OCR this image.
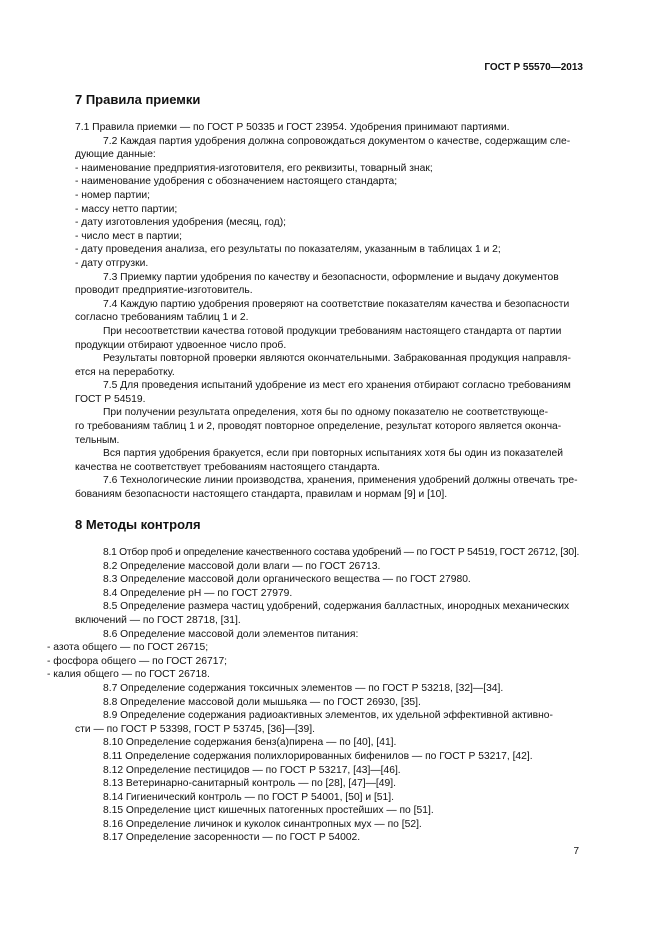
ГОСТ Р 55570—2013
7 Правила приемки
7.1 Правила приемки — по ГОСТ Р 50335 и ГОСТ 23954. Удобрения принимают партиями.
7.2 Каждая партия удобрения должна сопровождаться документом о качестве, содержащим сле-
дующие данные:
- наименование предприятия-изготовителя, его реквизиты, товарный знак;
- наименование удобрения с обозначением настоящего стандарта;
- номер партии;
- массу нетто партии;
- дату изготовления удобрения (месяц, год);
- число мест в партии;
- дату проведения анализа, его результаты по показателям, указанным в таблицах 1 и 2;
- дату отгрузки.
7.3 Приемку партии удобрения по качеству и безопасности, оформление и выдачу документов
проводит предприятие-изготовитель.
7.4 Каждую партию удобрения проверяют на соответствие показателям качества и безопасности
согласно требованиям таблиц 1 и 2.
При несоответствии качества готовой продукции требованиям настоящего стандарта от партии
продукции отбирают удвоенное число проб.
Результаты повторной проверки являются окончательными. Забракованная продукция направля-
ется на переработку.
7.5 Для проведения испытаний удобрение из мест его хранения отбирают согласно требованиям
ГОСТ Р 54519.
При получении результата определения, хотя бы по одному показателю не соответствующе-
го требованиям таблиц 1 и 2, проводят повторное определение, результат которого является оконча-
тельным.
Вся партия удобрения бракуется, если при повторных испытаниях хотя бы один из показателей
качества не соответствует требованиям настоящего стандарта.
7.6 Технологические линии производства, хранения, применения удобрений должны отвечать тре-
бованиям безопасности настоящего стандарта, правилам и нормам [9] и [10].
8 Методы контроля
8.1 Отбор проб и определение качественного состава удобрений — по ГОСТ Р 54519, ГОСТ 26712, [30].
8.2 Определение массовой доли влаги — по ГОСТ 26713.
8.3 Определение массовой доли органического вещества — по ГОСТ 27980.
8.4 Определение рН — по ГОСТ 27979.
8.5 Определение размера частиц удобрений, содержания балластных, инородных механических
включений — по ГОСТ 28718, [31].
8.6 Определение массовой доли элементов питания:
- азота общего — по ГОСТ 26715;
- фосфора общего — по ГОСТ 26717;
- калия общего — по ГОСТ 26718.
8.7 Определение содержания токсичных элементов — по ГОСТ Р 53218, [32]—[34].
8.8 Определение массовой доли мышьяка — по ГОСТ 26930, [35].
8.9 Определение содержания радиоактивных элементов, их удельной эффективной активно-
сти — по ГОСТ Р 53398, ГОСТ Р 53745, [36]—[39].
8.10 Определение содержания бенз(а)пирена — по [40], [41].
8.11 Определение содержания полихлорированных бифенилов — по ГОСТ Р 53217, [42].
8.12 Определение пестицидов — по ГОСТ Р 53217, [43]—[46].
8.13 Ветеринарно-санитарный контроль — по [28], [47]—[49].
8.14 Гигиенический контроль — по ГОСТ Р 54001, [50] и [51].
8.15 Определение цист кишечных патогенных простейших — по [51].
8.16 Определение личинок и куколок синантропных мух — по [52].
8.17 Определение засоренности — по ГОСТ Р 54002.
7
